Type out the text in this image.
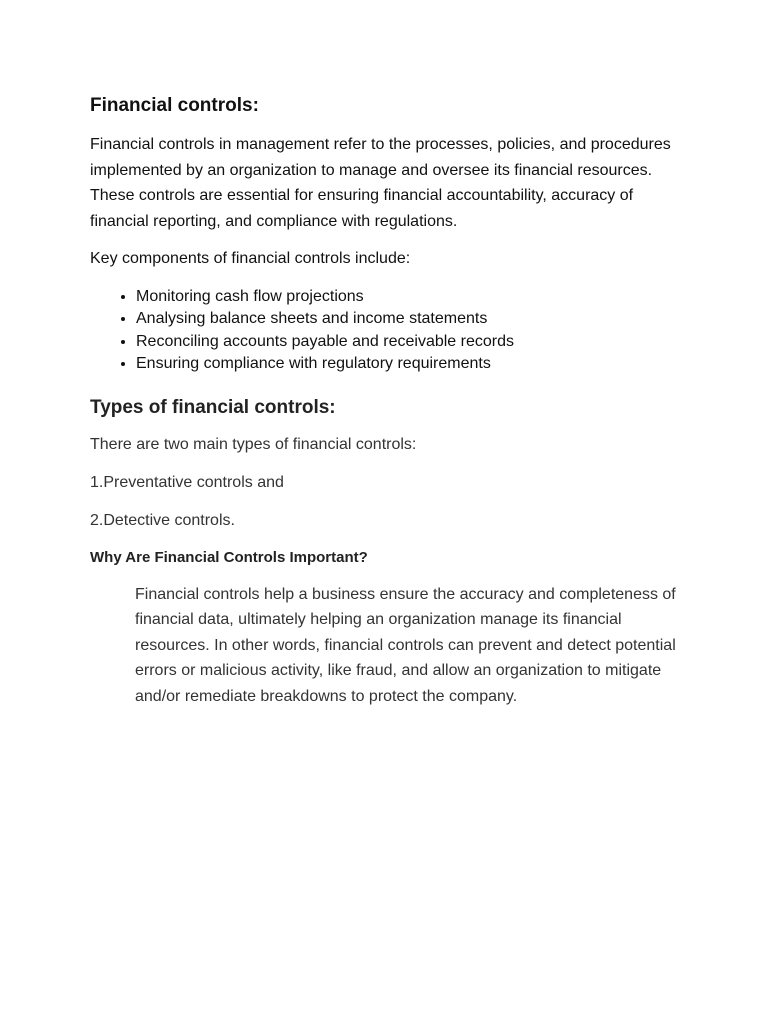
Financial controls:

Financial controls in management refer to the processes, policies, and procedures implemented by an organization to manage and oversee its financial resources. These controls are essential for ensuring financial accountability, accuracy of financial reporting, and compliance with regulations.

Key components of financial controls include:

• Monitoring cash flow projections
• Analysing balance sheets and income statements
• Reconciling accounts payable and receivable records
• Ensuring compliance with regulatory requirements
Types of financial controls:

There are two main types of financial controls:

1.Preventative controls and

2.Detective controls.

Why Are Financial Controls Important?

Financial controls help a business ensure the accuracy and completeness of financial data, ultimately helping an organization manage its financial resources. In other words, financial controls can prevent and detect potential errors or malicious activity, like fraud, and allow an organization to mitigate and/or remediate breakdowns to protect the company.
